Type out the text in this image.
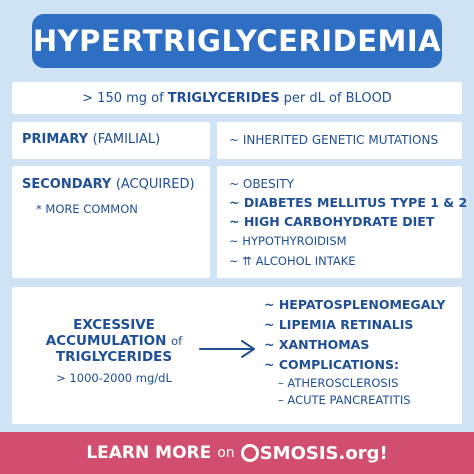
HYPERTRIGLYCERIDEMIA
> 150 mg of TRIGLYCERIDES per dL of BLOOD
PRIMARY (FAMILIAL)	~ INHERITED GENETIC MUTATIONS
SECONDARY (ACQUIRED)
* MORE COMMON
~ OBESITY
~ DIABETES MELLITUS TYPE 1 & 2
~ HIGH CARBOHYDRATE DIET
~ HYPOTHYROIDISM
~ ⇈ ALCOHOL INTAKE
EXCESSIVE
ACCUMULATION of
TRIGLYCERIDES
> 1000-2000 mg/dL
~ HEPATOSPLENOMEGALY
~ LIPEMIA RETINALIS
~ XANTHOMAS
~ COMPLICATIONS:
– ATHEROSCLEROSIS
– ACUTE PANCREATITIS
LEARN MORE on SMOSIS.org!
